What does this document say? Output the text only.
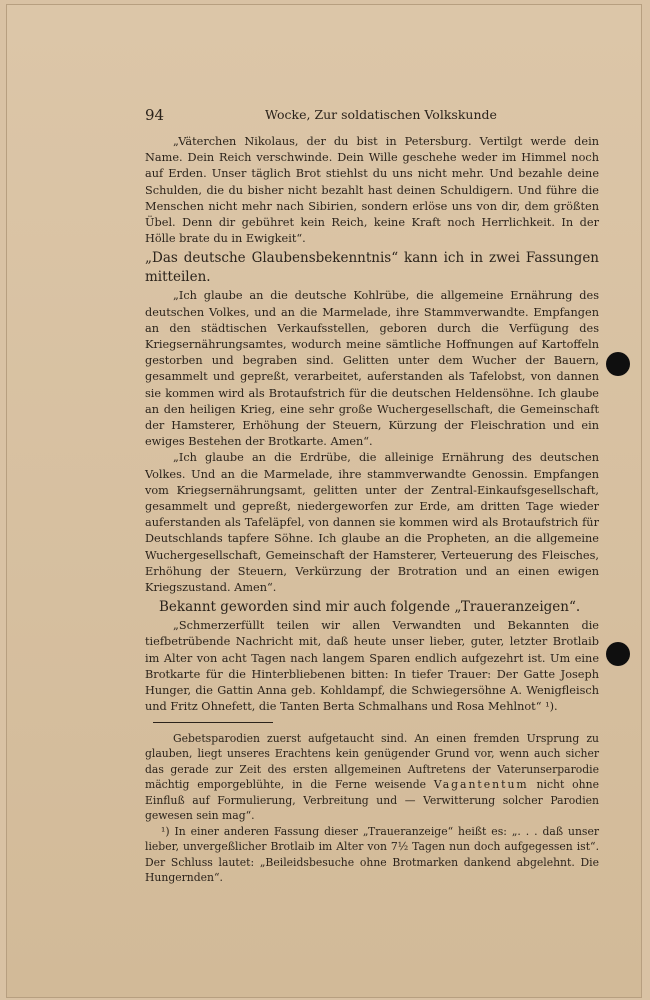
94	Wocke, Zur soldatischen Volkskunde

„Väterchen Nikolaus, der du bist in Petersburg. Vertilgt werde dein Name. Dein Reich verschwinde. Dein Wille geschehe weder im Himmel noch auf Erden. Unser täglich Brot stiehlst du uns nicht mehr. Und bezahle deine Schulden, die du bisher nicht bezahlt hast deinen Schuldigern. Und führe die Menschen nicht mehr nach Sibirien, sondern erlöse uns von dir, dem größten Übel. Denn dir gebühret kein Reich, keine Kraft noch Herrlichkeit. In der Hölle brate du in Ewigkeit“.

„Das deutsche Glaubensbekenntnis“ kann ich in zwei Fassungen mitteilen.

„Ich glaube an die deutsche Kohlrübe, die allgemeine Ernährung des deutschen Volkes, und an die Marmelade, ihre Stammverwandte. Empfangen an den städtischen Verkaufsstellen, geboren durch die Verfügung des Kriegsernährungsamtes, wodurch meine sämtliche Hoffnungen auf Kartoffeln gestorben und begraben sind. Gelitten unter dem Wucher der Bauern, gesammelt und gepreßt, verarbeitet, auferstanden als Tafelobst, von dannen sie kommen wird als Brotaufstrich für die deutschen Heldensöhne. Ich glaube an den heiligen Krieg, eine sehr große Wuchergesellschaft, die Gemeinschaft der Hamsterer, Erhöhung der Steuern, Kürzung der Fleischration und ein ewiges Bestehen der Brotkarte. Amen“.

„Ich glaube an die Erdrübe, die alleinige Ernährung des deutschen Volkes. Und an die Marmelade, ihre stammverwandte Genossin. Empfangen vom Kriegsernährungsamt, gelitten unter der Zentral-Einkaufsgesellschaft, gesammelt und gepreßt, niedergeworfen zur Erde, am dritten Tage wieder auferstanden als Tafeläpfel, von dannen sie kommen wird als Brotaufstrich für Deutschlands tapfere Söhne. Ich glaube an die Propheten, an die allgemeine Wuchergesellschaft, Gemeinschaft der Hamsterer, Verteuerung des Fleisches, Erhöhung der Steuern, Verkürzung der Brotration und an einen ewigen Kriegszustand. Amen“.

Bekannt geworden sind mir auch folgende „Traueranzeigen“.

„Schmerzerfüllt teilen wir allen Verwandten und Bekannten die tiefbetrübende Nachricht mit, daß heute unser lieber, guter, letzter Brotlaib im Alter von acht Tagen nach langem Sparen endlich aufgezehrt ist. Um eine Brotkarte für die Hinterbliebenen bitten: In tiefer Trauer: Der Gatte Joseph Hunger, die Gattin Anna geb. Kohldampf, die Schwiegersöhne A. Wenigfleisch und Fritz Ohnefett, die Tanten Berta Schmalhans und Rosa Mehlnot“ ¹).

Gebetsparodien zuerst aufgetaucht sind. An einen fremden Ursprung zu glauben, liegt unseres Erachtens kein genügender Grund vor, wenn auch sicher das gerade zur Zeit des ersten allgemeinen Auftretens der Vaterunserparodie mächtig emporgeblühte, in die Ferne weisende Vagantentum nicht ohne Einfluß auf Formulierung, Verbreitung und — Verwitterung solcher Parodien gewesen sein mag“.

¹) In einer anderen Fassung dieser „Traueranzeige“ heißt es: „. . . daß unser lieber, unvergeßlicher Brotlaib im Alter von 7½ Tagen nun doch aufgegessen ist“. Der Schluss lautet: „Beileidsbesuche ohne Brotmarken dankend abgelehnt. Die Hungernden“.
